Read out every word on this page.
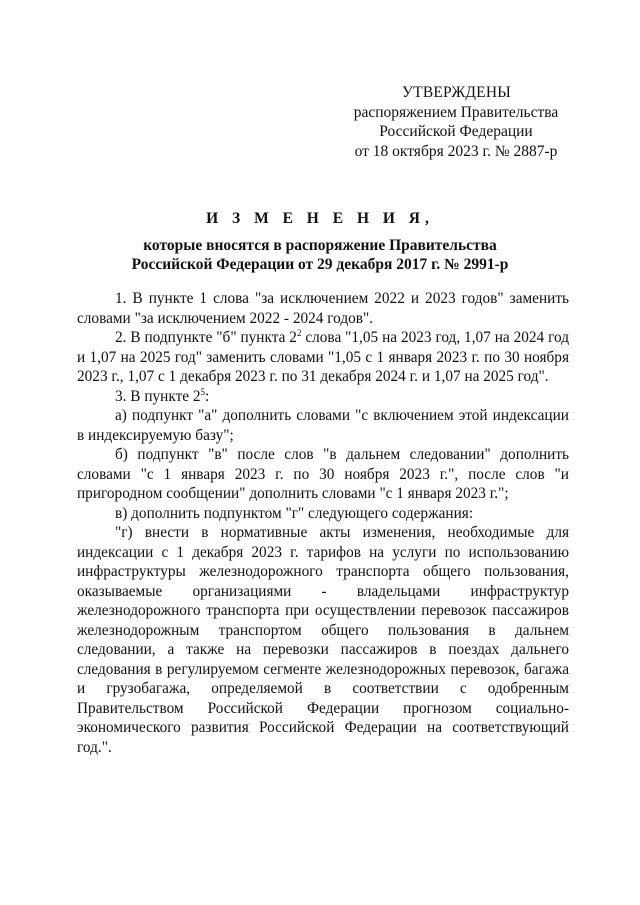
УТВЕРЖДЕНЫ
распоряжением Правительства
Российской Федерации
от 18 октября 2023 г. № 2887-р
И З М Е Н Е Н И Я,
которые вносятся в распоряжение Правительства
Российской Федерации от 29 декабря 2017 г. № 2991-р

1. В пункте 1 слова "за исключением 2022 и 2023 годов" заменить словами "за исключением 2022 - 2024 годов".

2. В подпункте "б" пункта $2^2$ слова "1,05 на 2023 год, 1,07 на 2024 год и 1,07 на 2025 год" заменить словами "1,05 с 1 января 2023 г. по 30 ноября 2023 г., 1,07 с 1 декабря 2023 г. по 31 декабря 2024 г. и 1,07 на 2025 год".

3. В пункте $2^5$:

а) подпункт "а" дополнить словами "с включением этой индексации в индексируемую базу";

б) подпункт "в" после слов "в дальнем следовании" дополнить словами "с 1 января 2023 г. по 30 ноября 2023 г.", после слов "и пригородном сообщении" дополнить словами "с 1 января 2023 г.";

в) дополнить подпунктом "г" следующего содержания:

"г) внести в нормативные акты изменения, необходимые для индексации с 1 декабря 2023 г. тарифов на услуги по использованию инфраструктуры железнодорожного транспорта общего пользования, оказываемые организациями - владельцами инфраструктур железнодорожного транспорта при осуществлении перевозок пассажиров железнодорожным транспортом общего пользования в дальнем следовании, а также на перевозки пассажиров в поездах дальнего следования в регулируемом сегменте железнодорожных перевозок, багажа и грузобагажа, определяемой в соответствии с одобренным Правительством Российской Федерации прогнозом социально-экономического развития Российской Федерации на соответствующий год.".
